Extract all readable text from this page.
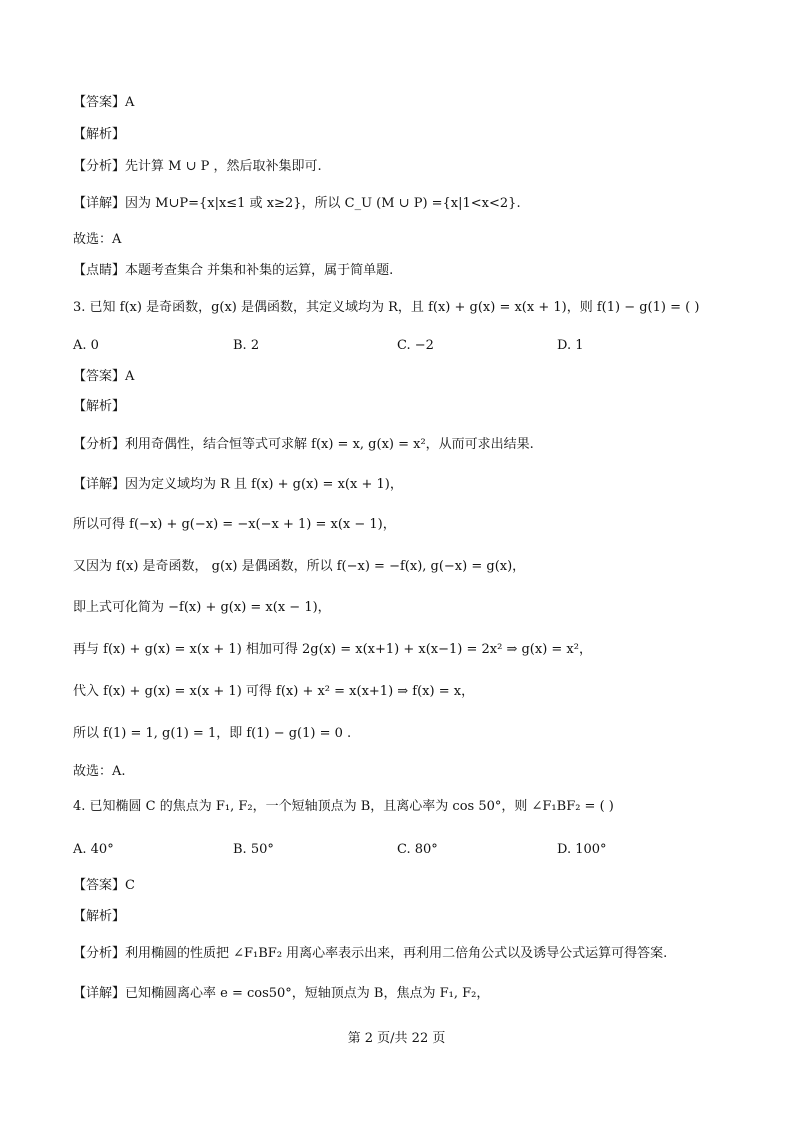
【答案】A
【解析】
【分析】先计算 M ∪ P ，然后取补集即可.
【详解】因为 M∪P={x|x≤1 或 x≥2}，所以 C_U (M ∪ P) ={x|1<x<2}.
故选：A
【点睛】本题考查集合 并集和补集的运算，属于简单题.
3. 已知 f(x) 是奇函数，g(x) 是偶函数，其定义域均为 R，且 f(x) + g(x) = x(x + 1)，则 f(1) − g(1) = ( )
A. 0	B. 2	C. −2	D. 1
【答案】A
【解析】
【分析】利用奇偶性，结合恒等式可求解 f(x) = x, g(x) = x²，从而可求出结果.
【详解】因为定义域均为 R 且 f(x) + g(x) = x(x + 1)，
所以可得 f(−x) + g(−x) = −x(−x + 1) = x(x − 1)，
又因为 f(x) 是奇函数， g(x) 是偶函数，所以 f(−x) = −f(x), g(−x) = g(x)，
即上式可化简为 −f(x) + g(x) = x(x − 1)，
再与 f(x) + g(x) = x(x + 1) 相加可得 2g(x) = x(x+1) + x(x−1) = 2x² ⇒ g(x) = x²，
代入 f(x) + g(x) = x(x + 1) 可得 f(x) + x² = x(x+1) ⇒ f(x) = x，
所以 f(1) = 1, g(1) = 1，即 f(1) − g(1) = 0 .
故选：A.
4. 已知椭圆 C 的焦点为 F₁, F₂，一个短轴顶点为 B，且离心率为 cos 50°，则 ∠F₁BF₂ = ( )
A. 40°	B. 50°	C. 80°	D. 100°
【答案】C
【解析】
【分析】利用椭圆的性质把 ∠F₁BF₂ 用离心率表示出来，再利用二倍角公式以及诱导公式运算可得答案.
【详解】已知椭圆离心率 e = cos50°，短轴顶点为 B，焦点为 F₁, F₂，
第 2 页/共 22 页
